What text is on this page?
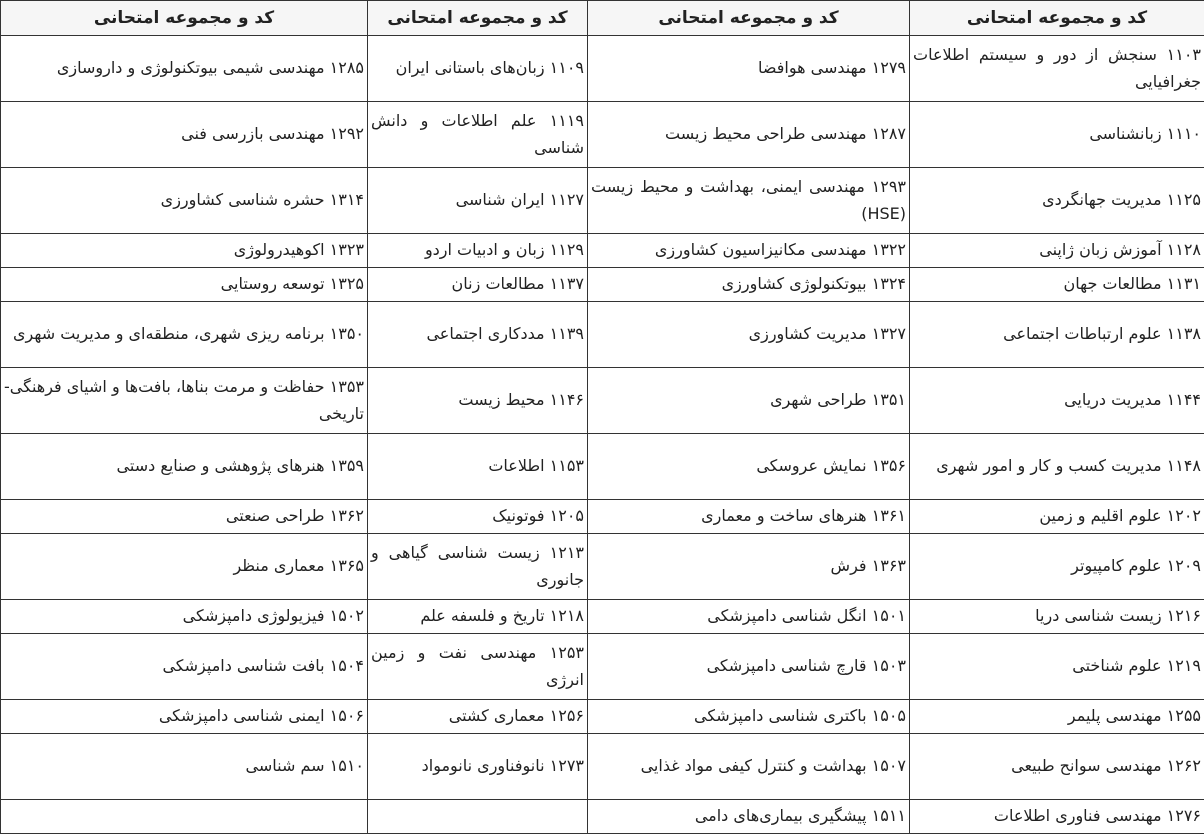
کد و مجموعه امتحانی	کد و مجموعه امتحانی	کد و مجموعه امتحانی	کد و مجموعه امتحانی
۱۱۰۳ سنجش از دور و سیستم اطلاعات جغرافیایی	۱۲۷۹ مهندسی هوافضا	۱۱۰۹ زبان‌های باستانی ایران	۱۲۸۵ مهندسی شیمی بیوتکنولوژی و داروسازی
۱۱۱۰ زبانشناسی	۱۲۸۷ مهندسی طراحی محیط زیست	۱۱۱۹ علم اطلاعات و دانش شناسی	۱۲۹۲ مهندسی بازرسی فنی
۱۱۲۵ مدیریت جهانگردی	۱۲۹۳ مهندسی ایمنی، بهداشت و محیط زیست (HSE)	۱۱۲۷ ایران شناسی	۱۳۱۴ حشره شناسی کشاورزی
۱۱۲۸ آموزش زبان ژاپنی	۱۳۲۲ مهندسی مکانیزاسیون کشاورزی	۱۱۲۹ زبان و ادبیات اردو	۱۳۲۳ اکوهیدرولوژی
۱۱۳۱ مطالعات جهان	۱۳۲۴ بیوتکنولوژی کشاورزی	۱۱۳۷ مطالعات زنان	۱۳۲۵ توسعه روستایی
۱۱۳۸ علوم ارتباطات اجتماعی	۱۳۲۷ مدیریت کشاورزی	۱۱۳۹ مددکاری اجتماعی	۱۳۵۰ برنامه ریزی شهری، منطقه‌ای و مدیریت شهری
۱۱۴۴ مدیریت دریایی	۱۳۵۱ طراحی شهری	۱۱۴۶ محیط زیست	۱۳۵۳ حفاظت و مرمت بناها، بافت‌ها و اشیای فرهنگی- تاریخی
۱۱۴۸ مدیریت کسب و کار و امور شهری	۱۳۵۶ نمایش عروسکی	۱۱۵۳ اطلاعات	۱۳۵۹ هنرهای پژوهشی و صنایع دستی
۱۲۰۲ علوم اقلیم و زمین	۱۳۶۱ هنرهای ساخت و معماری	۱۲۰۵ فوتونیک	۱۳۶۲ طراحی صنعتی
۱۲۰۹ علوم کامپیوتر	۱۳۶۳ فرش	۱۲۱۳ زیست شناسی گیاهی و جانوری	۱۳۶۵ معماری منظر
۱۲۱۶ زیست شناسی دریا	۱۵۰۱ انگل شناسی دامپزشکی	۱۲۱۸ تاریخ و فلسفه علم	۱۵۰۲ فیزیولوژی دامپزشکی
۱۲۱۹ علوم شناختی	۱۵۰۳ قارچ شناسی دامپزشکی	۱۲۵۳ مهندسی نفت و زمین انرژی	۱۵۰۴ بافت شناسی دامپزشکی
۱۲۵۵ مهندسی پلیمر	۱۵۰۵ باکتری شناسی دامپزشکی	۱۲۵۶ معماری کشتی	۱۵۰۶ ایمنی شناسی دامپزشکی
۱۲۶۲ مهندسی سوانح طبیعی	۱۵۰۷ بهداشت و کنترل کیفی مواد غذایی	۱۲۷۳ نانوفناوری نانومواد	۱۵۱۰ سم شناسی
۱۲۷۶ مهندسی فناوری اطلاعات	۱۵۱۱ پیشگیری بیماری‌های دامی		
